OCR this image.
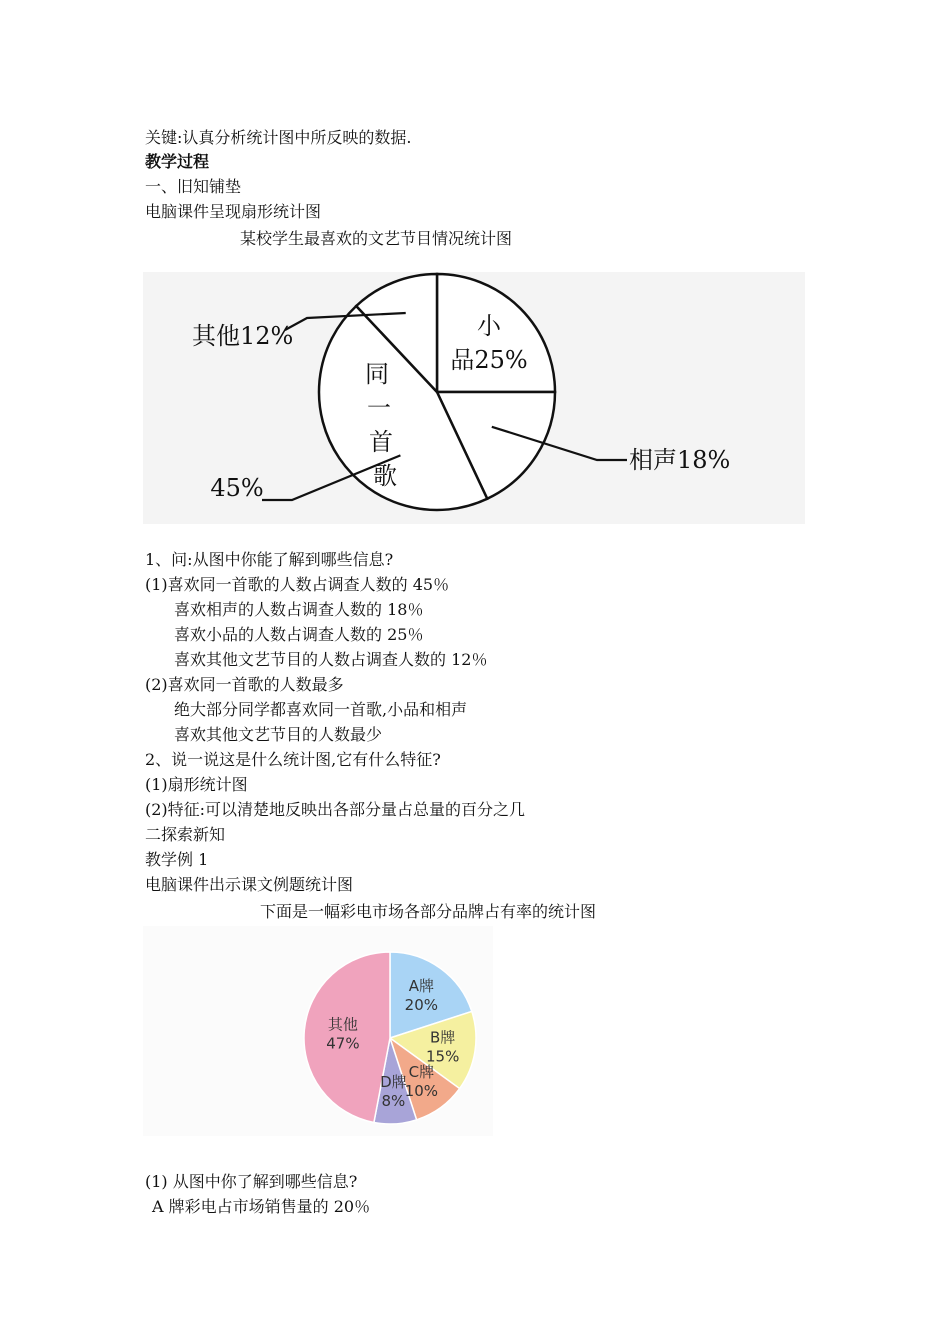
关键:认真分析统计图中所反映的数据.
教学过程
一、旧知铺垫
电脑课件呈现扇形统计图
某校学生最喜欢的文艺节目情况统计图
小
品25%
相声18%
同
一
首
歌
45%
其他12%
1、问:从图中你能了解到哪些信息?
(1)喜欢同一首歌的人数占调查人数的 45％
喜欢相声的人数占调查人数的 18％
喜欢小品的人数占调查人数的 25％
喜欢其他文艺节目的人数占调查人数的 12％
(2)喜欢同一首歌的人数最多
绝大部分同学都喜欢同一首歌,小品和相声
喜欢其他文艺节目的人数最少
2、说一说这是什么统计图,它有什么特征?
(1)扇形统计图
(2)特征:可以清楚地反映出各部分量占总量的百分之几
二探索新知
教学例 1
电脑课件出示课文例题统计图
下面是一幅彩电市场各部分品牌占有率的统计图
A牌
20%
B牌
15%
C牌
10%
D牌
8%
其他
47%
(1) 从图中你了解到哪些信息?
A 牌彩电占市场销售量的 20％
